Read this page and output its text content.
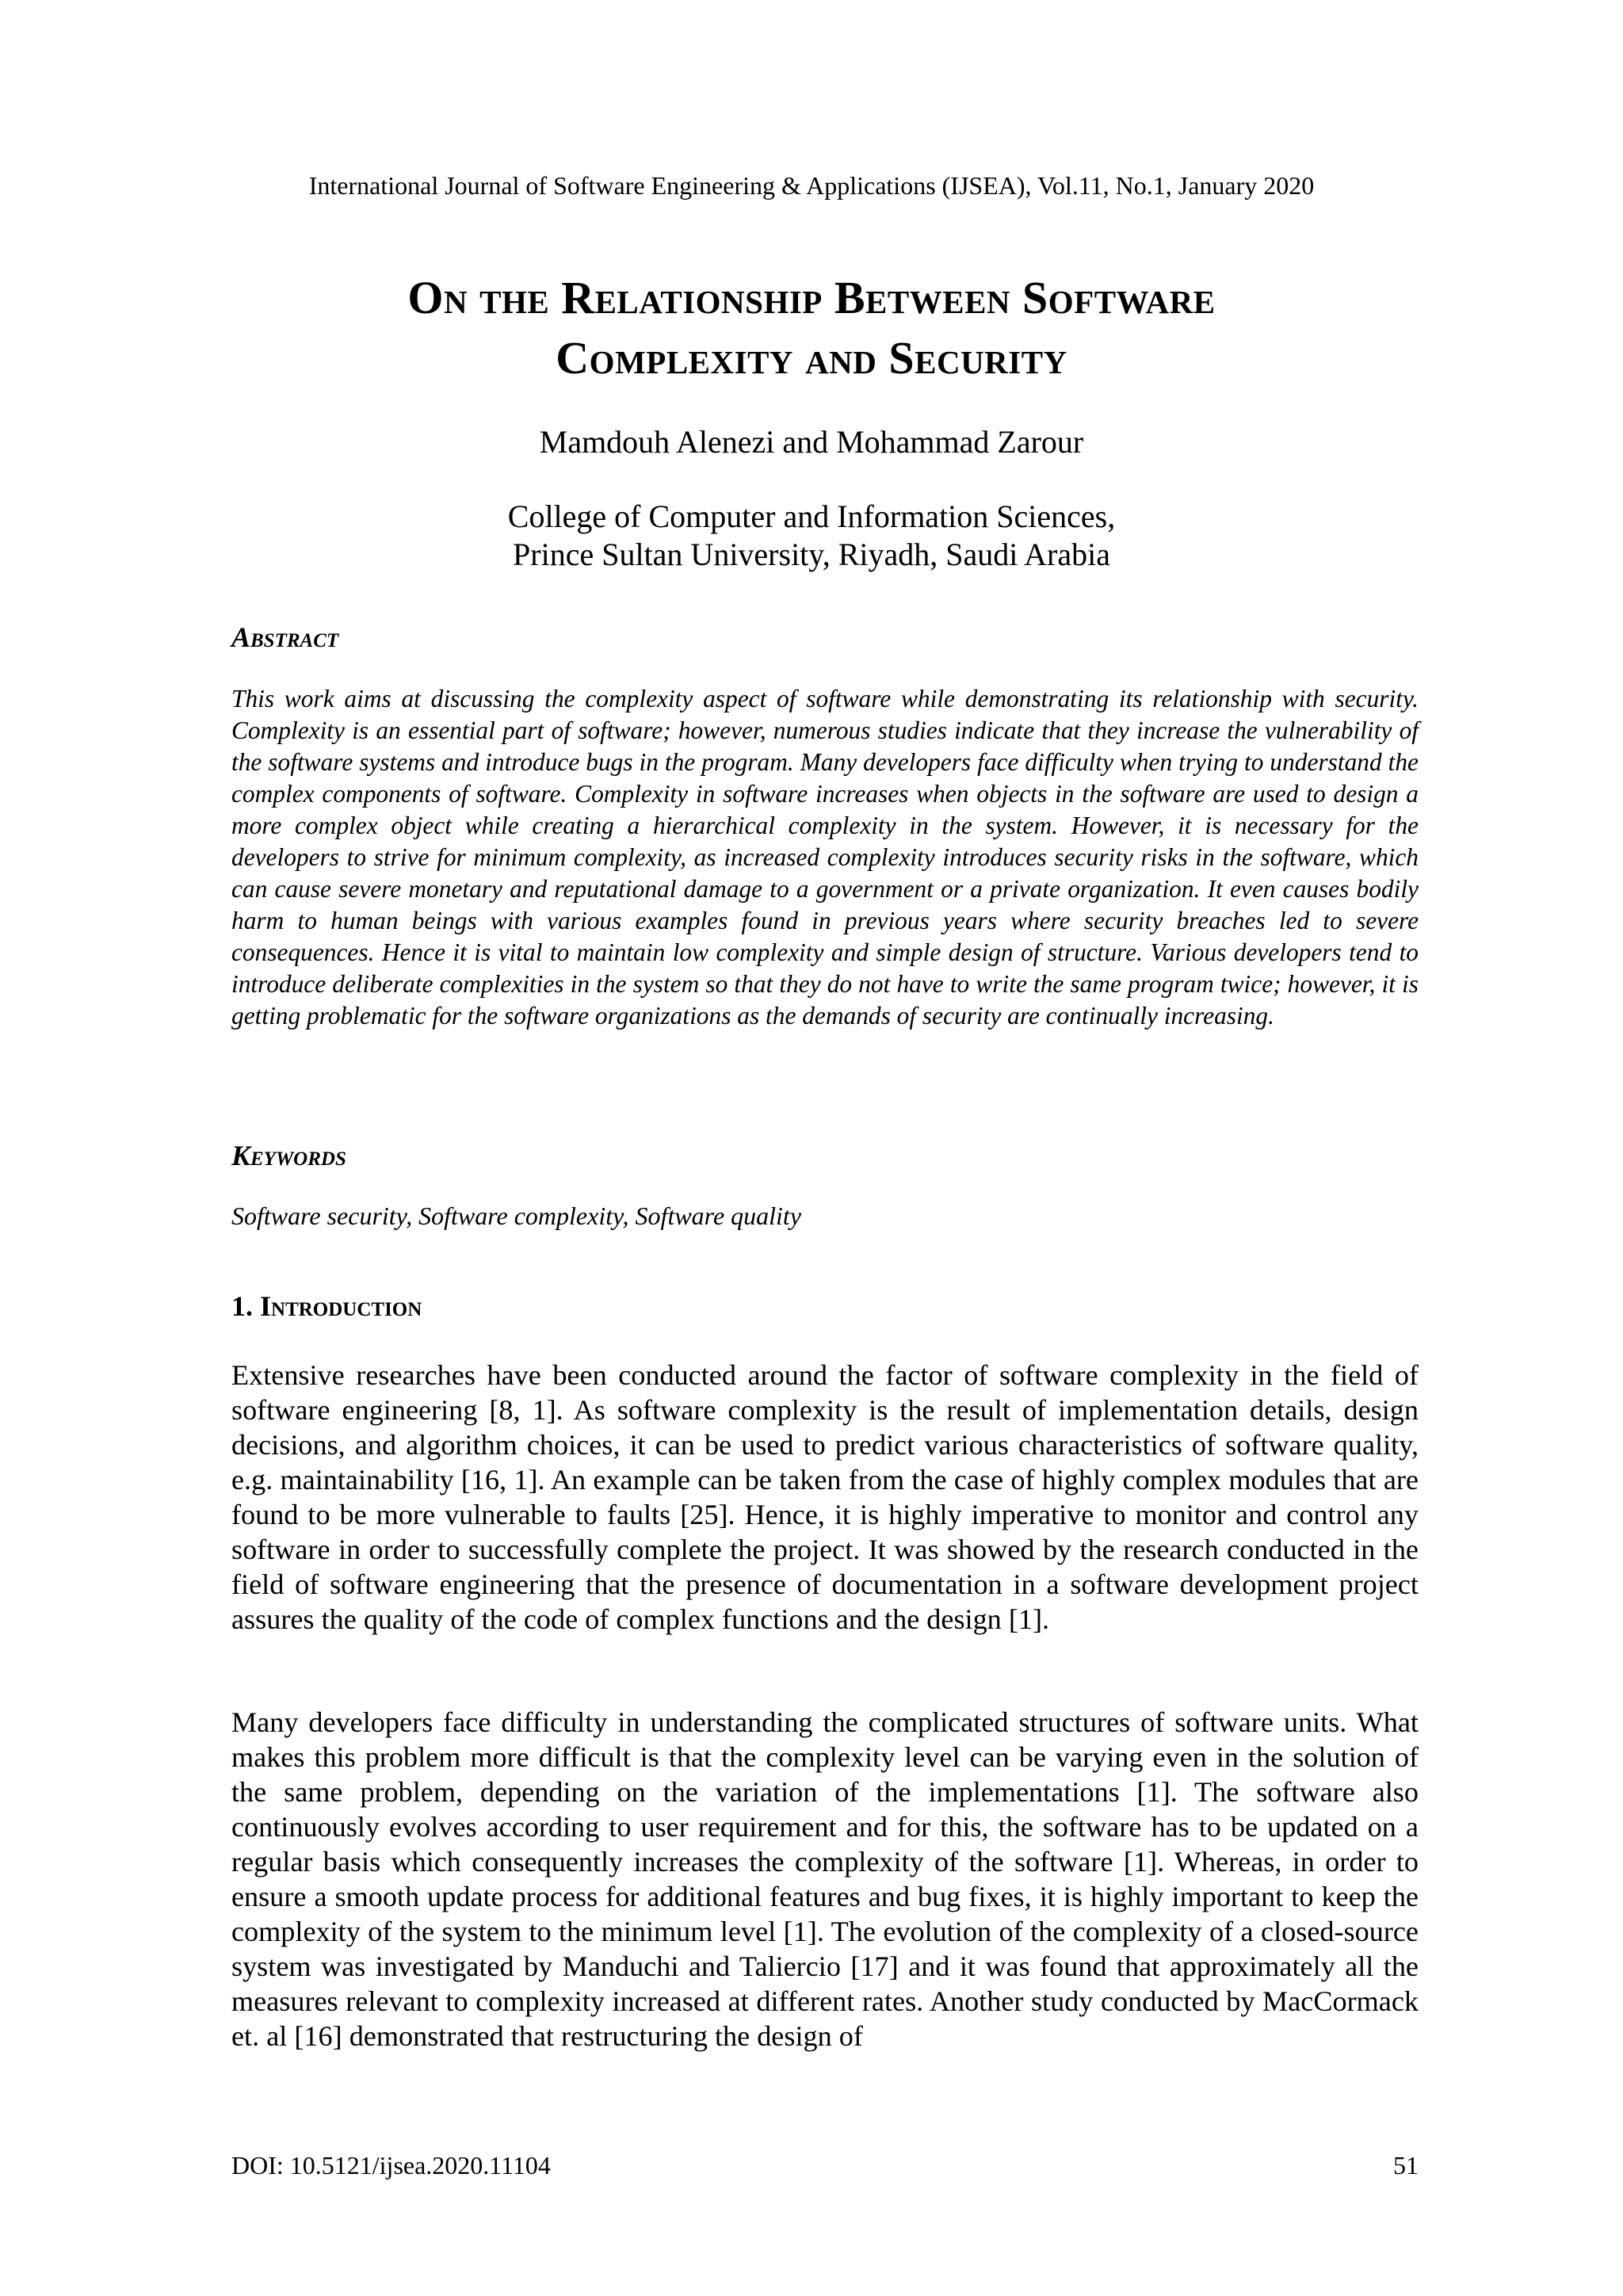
International Journal of Software Engineering & Applications (IJSEA), Vol.11, No.1, January 2020
On the Relationship Between Software
Complexity and Security
Mamdouh Alenezi and Mohammad Zarour
College of Computer and Information Sciences,
Prince Sultan University, Riyadh, Saudi Arabia
Abstract
This work aims at discussing the complexity aspect of software while demonstrating its relationship with security. Complexity is an essential part of software; however, numerous studies indicate that they increase the vulnerability of the software systems and introduce bugs in the program. Many developers face difficulty when trying to understand the complex components of software. Complexity in software increases when objects in the software are used to design a more complex object while creating a hierarchical complexity in the system. However, it is necessary for the developers to strive for minimum complexity, as increased complexity introduces security risks in the software, which can cause severe monetary and reputational damage to a government or a private organization. It even causes bodily harm to human beings with various examples found in previous years where security breaches led to severe consequences. Hence it is vital to maintain low complexity and simple design of structure. Various developers tend to introduce deliberate complexities in the system so that they do not have to write the same program twice; however, it is getting problematic for the software organizations as the demands of security are continually increasing.
Keywords
Software security, Software complexity, Software quality
1. Introduction
Extensive researches have been conducted around the factor of software complexity in the field of software engineering [8, 1]. As software complexity is the result of implementation details, design decisions, and algorithm choices, it can be used to predict various characteristics of software quality, e.g. maintainability [16, 1]. An example can be taken from the case of highly complex modules that are found to be more vulnerable to faults [25]. Hence, it is highly imperative to monitor and control any software in order to successfully complete the project. It was showed by the research conducted in the field of software engineering that the presence of documentation in a software development project assures the quality of the code of complex functions and the design [1].
Many developers face difficulty in understanding the complicated structures of software units. What makes this problem more difficult is that the complexity level can be varying even in the solution of the same problem, depending on the variation of the implementations [1]. The software also continuously evolves according to user requirement and for this, the software has to be updated on a regular basis which consequently increases the complexity of the software [1]. Whereas, in order to ensure a smooth update process for additional features and bug fixes, it is highly important to keep the complexity of the system to the minimum level [1]. The evolution of the complexity of a closed-source system was investigated by Manduchi and Taliercio [17] and it was found that approximately all the measures relevant to complexity increased at different rates. Another study conducted by MacCormack et. al [16] demonstrated that restructuring the design of
DOI: 10.5121/ijsea.2020.11104	51
